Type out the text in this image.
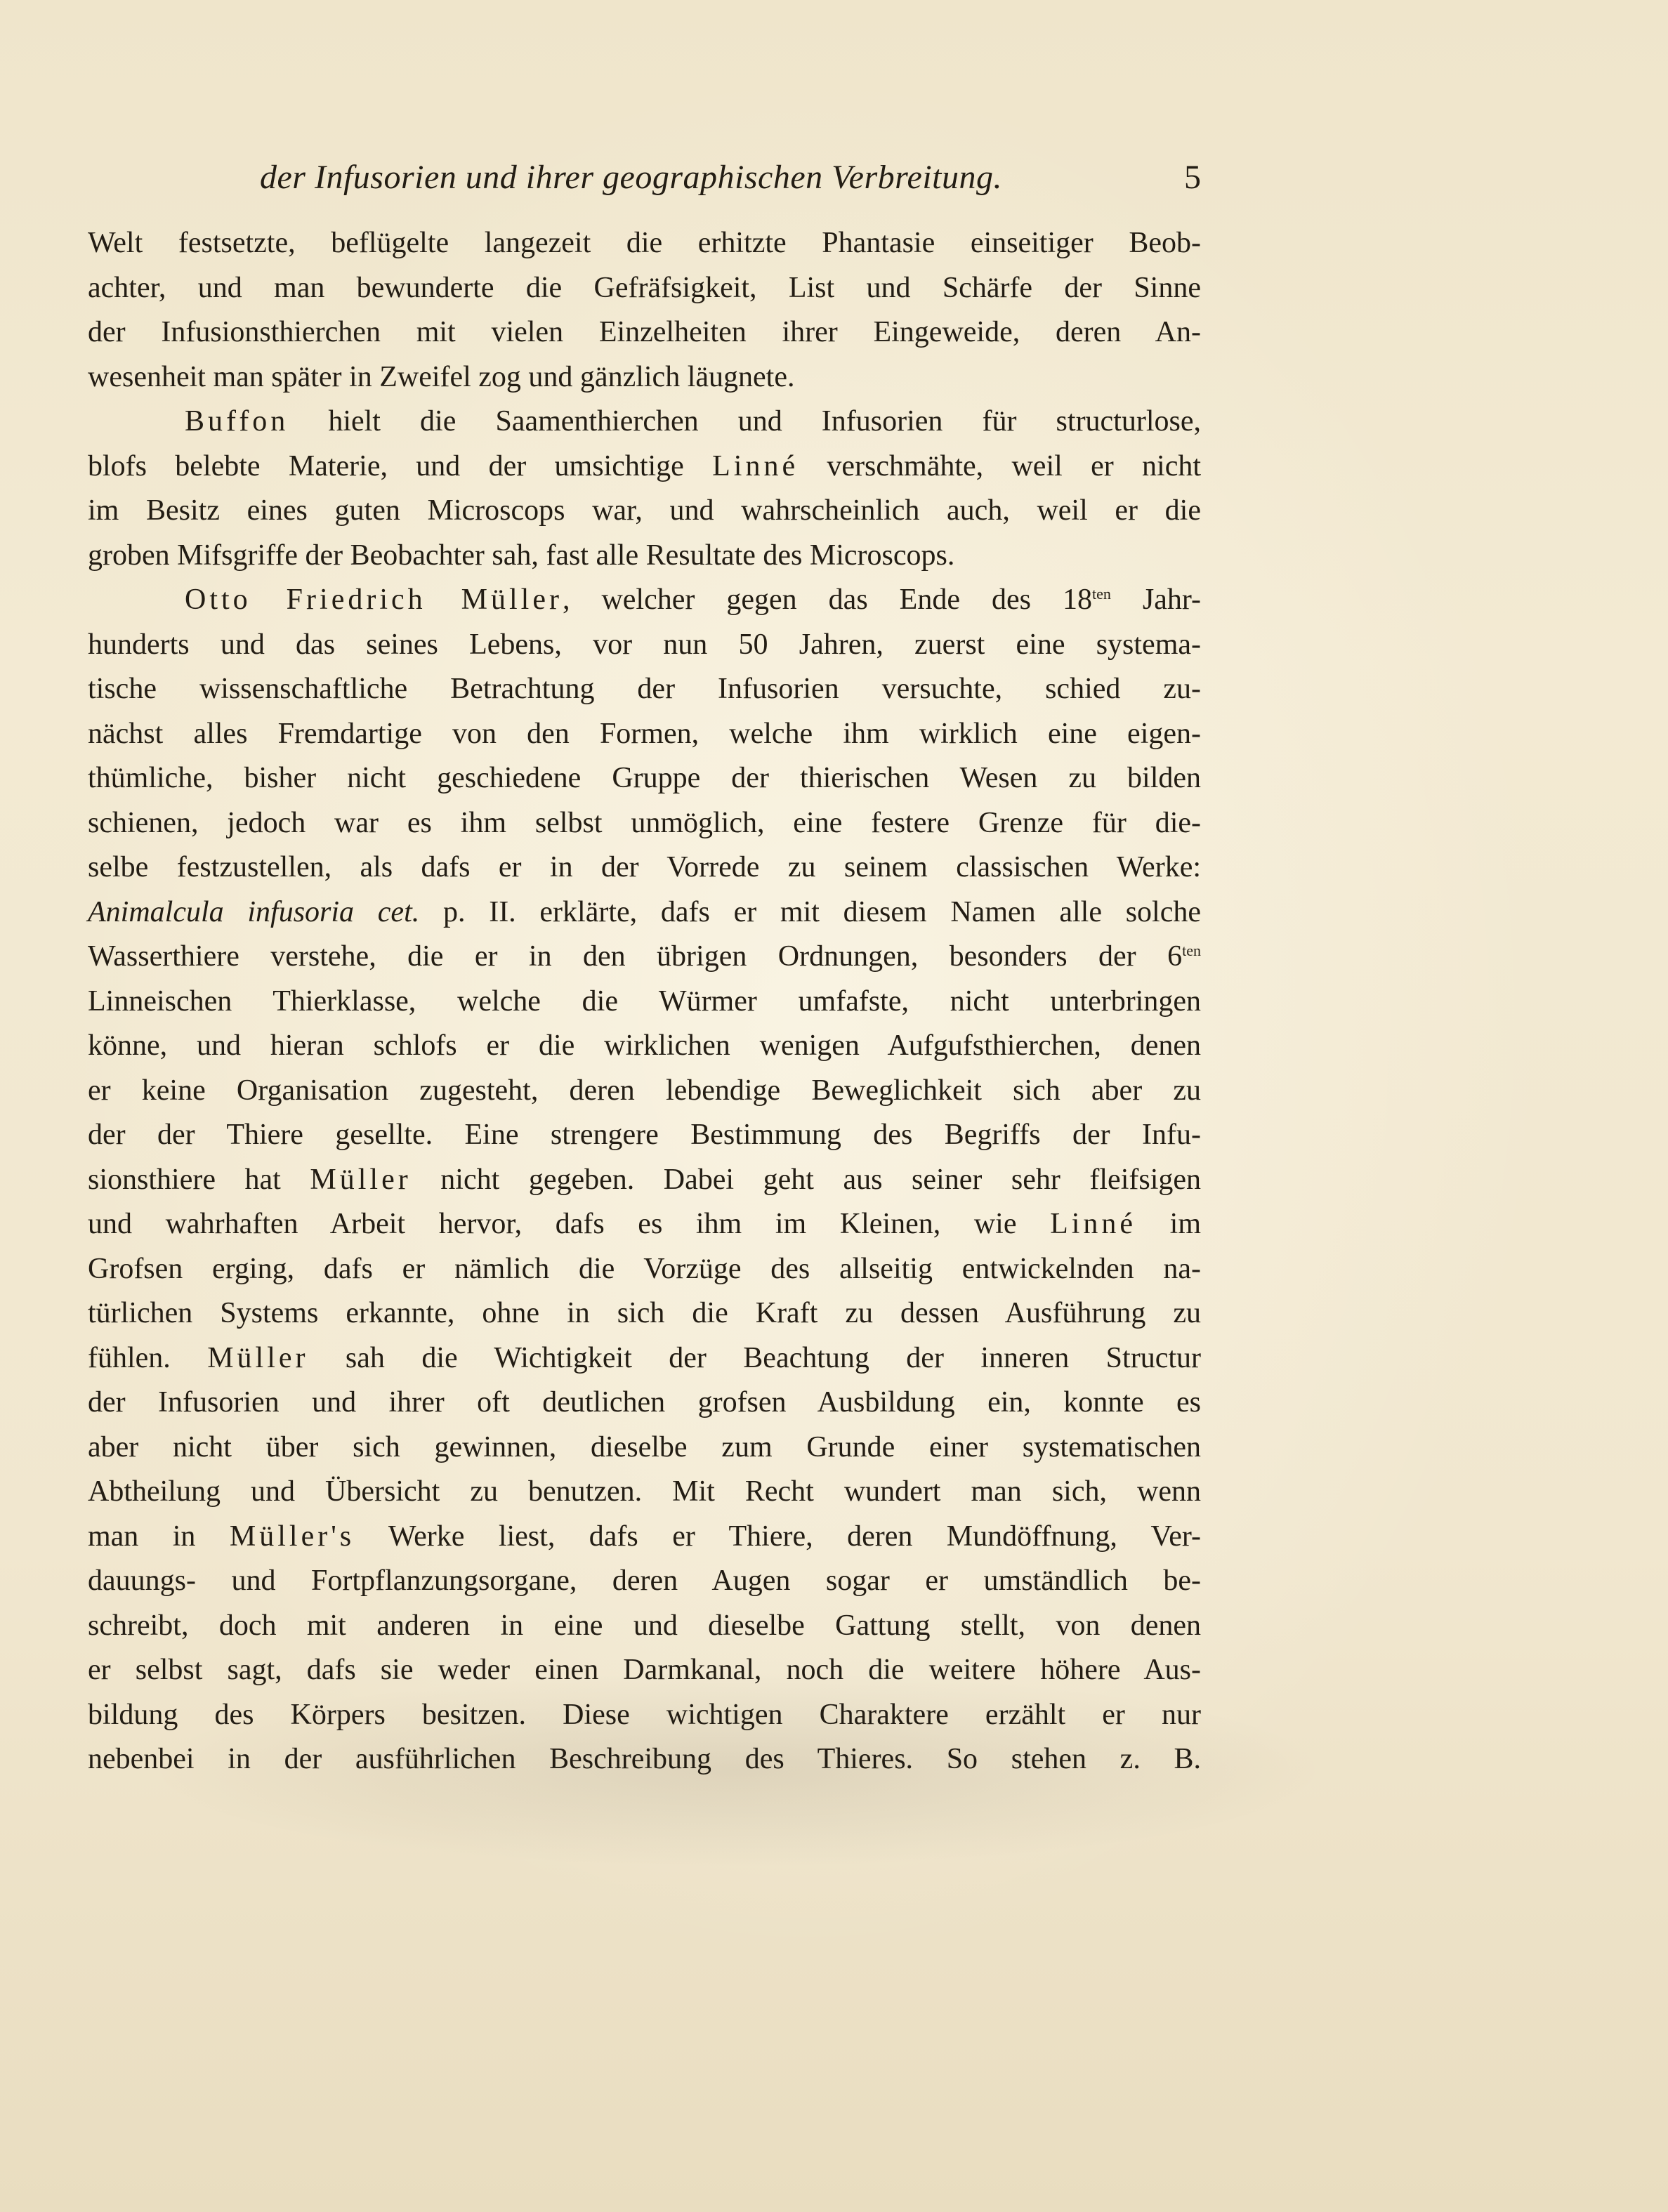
der Infusorien und ihrer geographischen Verbreitung.	5
Welt festsetzte, beflügelte langezeit die erhitzte Phantasie einseitiger Beob-
achter, und man bewunderte die Gefräfsigkeit, List und Schärfe der Sinne
der Infusionsthierchen mit vielen Einzelheiten ihrer Eingeweide, deren An-
wesenheit man später in Zweifel zog und gänzlich läugnete.
Buffon hielt die Saamenthierchen und Infusorien für structurlose,
blofs belebte Materie, und der umsichtige Linné verschmähte, weil er nicht
im Besitz eines guten Microscops war, und wahrscheinlich auch, weil er die
groben Mifsgriffe der Beobachter sah, fast alle Resultate des Microscops.
Otto Friedrich Müller, welcher gegen das Ende des $18^{ten}$ Jahr-
hunderts und das seines Lebens, vor nun 50 Jahren, zuerst eine systema-
tische wissenschaftliche Betrachtung der Infusorien versuchte, schied zu-
nächst alles Fremdartige von den Formen, welche ihm wirklich eine eigen-
thümliche, bisher nicht geschiedene Gruppe der thierischen Wesen zu bilden
schienen, jedoch war es ihm selbst unmöglich, eine festere Grenze für die-
selbe festzustellen, als dafs er in der Vorrede zu seinem classischen Werke:
Animalcula infusoria cet. p. II. erklärte, dafs er mit diesem Namen alle solche
Wasserthiere verstehe, die er in den übrigen Ordnungen, besonders der $6^{ten}$
Linneischen Thierklasse, welche die Würmer umfafste, nicht unterbringen
könne, und hieran schlofs er die wirklichen wenigen Aufgufsthierchen, denen
er keine Organisation zugesteht, deren lebendige Beweglichkeit sich aber zu
der der Thiere gesellte. Eine strengere Bestimmung des Begriffs der Infu-
sionsthiere hat Müller nicht gegeben. Dabei geht aus seiner sehr fleifsigen
und wahrhaften Arbeit hervor, dafs es ihm im Kleinen, wie Linné im
Grofsen erging, dafs er nämlich die Vorzüge des allseitig entwickelnden na-
türlichen Systems erkannte, ohne in sich die Kraft zu dessen Ausführung zu
fühlen. Müller sah die Wichtigkeit der Beachtung der inneren Structur
der Infusorien und ihrer oft deutlichen grofsen Ausbildung ein, konnte es
aber nicht über sich gewinnen, dieselbe zum Grunde einer systematischen
Abtheilung und Übersicht zu benutzen. Mit Recht wundert man sich, wenn
man in Müller's Werke liest, dafs er Thiere, deren Mundöffnung, Ver-
dauungs- und Fortpflanzungsorgane, deren Augen sogar er umständlich be-
schreibt, doch mit anderen in eine und dieselbe Gattung stellt, von denen
er selbst sagt, dafs sie weder einen Darmkanal, noch die weitere höhere Aus-
bildung des Körpers besitzen. Diese wichtigen Charaktere erzählt er nur
nebenbei in der ausführlichen Beschreibung des Thieres. So stehen z. B.
